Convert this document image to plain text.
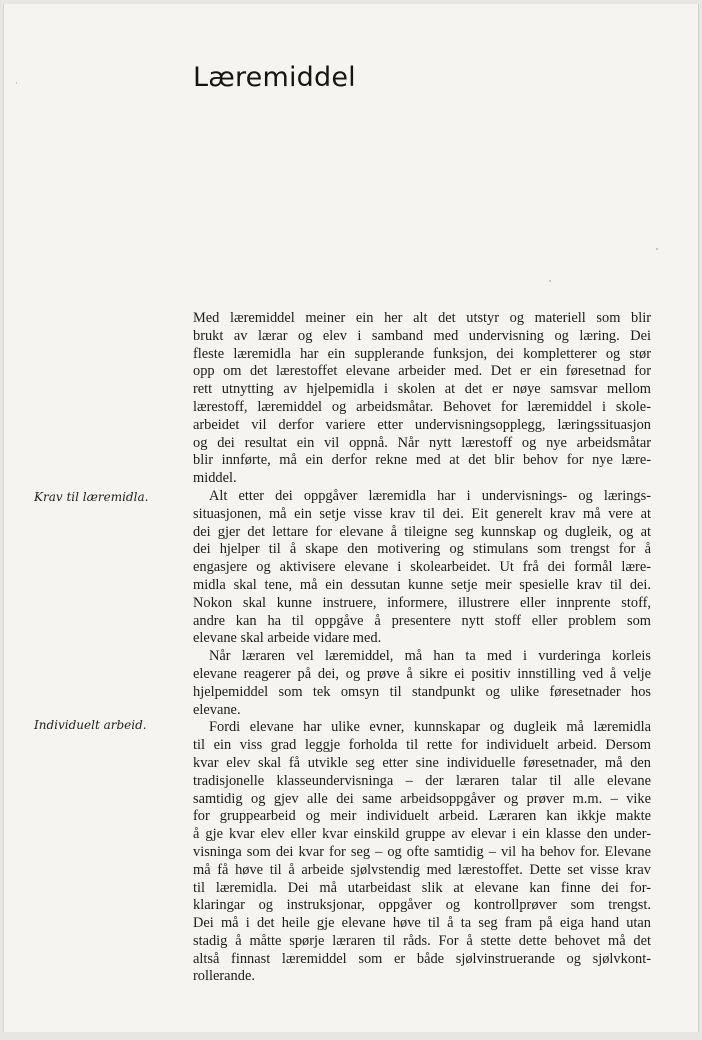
Læremiddel
Krav til læremidla.
Individuelt arbeid.
Med læremiddel meiner ein her alt det utstyr og materiell som blir
brukt av lærar og elev i samband med undervisning og læring. Dei
fleste læremidla har ein supplerande funksjon, dei kompletterer og stør
opp om det lærestoffet elevane arbeider med. Det er ein føresetnad for
rett utnytting av hjelpemidla i skolen at det er nøye samsvar mellom
lærestoff, læremiddel og arbeidsmåtar. Behovet for læremiddel i skole-
arbeidet vil derfor variere etter undervisningsopplegg, læringssituasjon
og dei resultat ein vil oppnå. Når nytt lærestoff og nye arbeidsmåtar
blir innførte, må ein derfor rekne med at det blir behov for nye lære-
middel.
Alt etter dei oppgåver læremidla har i undervisnings- og lærings-
situasjonen, må ein setje visse krav til dei. Eit generelt krav må vere at
dei gjer det lettare for elevane å tileigne seg kunnskap og dugleik, og at
dei hjelper til å skape den motivering og stimulans som trengst for å
engasjere og aktivisere elevane i skolearbeidet. Ut frå dei formål lære-
midla skal tene, må ein dessutan kunne setje meir spesielle krav til dei.
Nokon skal kunne instruere, informere, illustrere eller innprente stoff,
andre kan ha til oppgåve å presentere nytt stoff eller problem som
elevane skal arbeide vidare med.
Når læraren vel læremiddel, må han ta med i vurderinga korleis
elevane reagerer på dei, og prøve å sikre ei positiv innstilling ved å velje
hjelpemiddel som tek omsyn til standpunkt og ulike føresetnader hos
elevane.
Fordi elevane har ulike evner, kunnskapar og dugleik må læremidla
til ein viss grad leggje forholda til rette for individuelt arbeid. Dersom
kvar elev skal få utvikle seg etter sine individuelle føresetnader, må den
tradisjonelle klasseundervisninga – der læraren talar til alle elevane
samtidig og gjev alle dei same arbeidsoppgåver og prøver m.m. – vike
for gruppearbeid og meir individuelt arbeid. Læraren kan ikkje makte
å gje kvar elev eller kvar einskild gruppe av elevar i ein klasse den under-
visninga som dei kvar for seg – og ofte samtidig – vil ha behov for. Elevane
må få høve til å arbeide sjølvstendig med lærestoffet. Dette set visse krav
til læremidla. Dei må utarbeidast slik at elevane kan finne dei for-
klaringar og instruksjonar, oppgåver og kontrollprøver som trengst.
Dei må i det heile gje elevane høve til å ta seg fram på eiga hand utan
stadig å måtte spørje læraren til råds. For å stette dette behovet må det
altså finnast læremiddel som er både sjølvinstruerande og sjølvkont-
rollerande.
